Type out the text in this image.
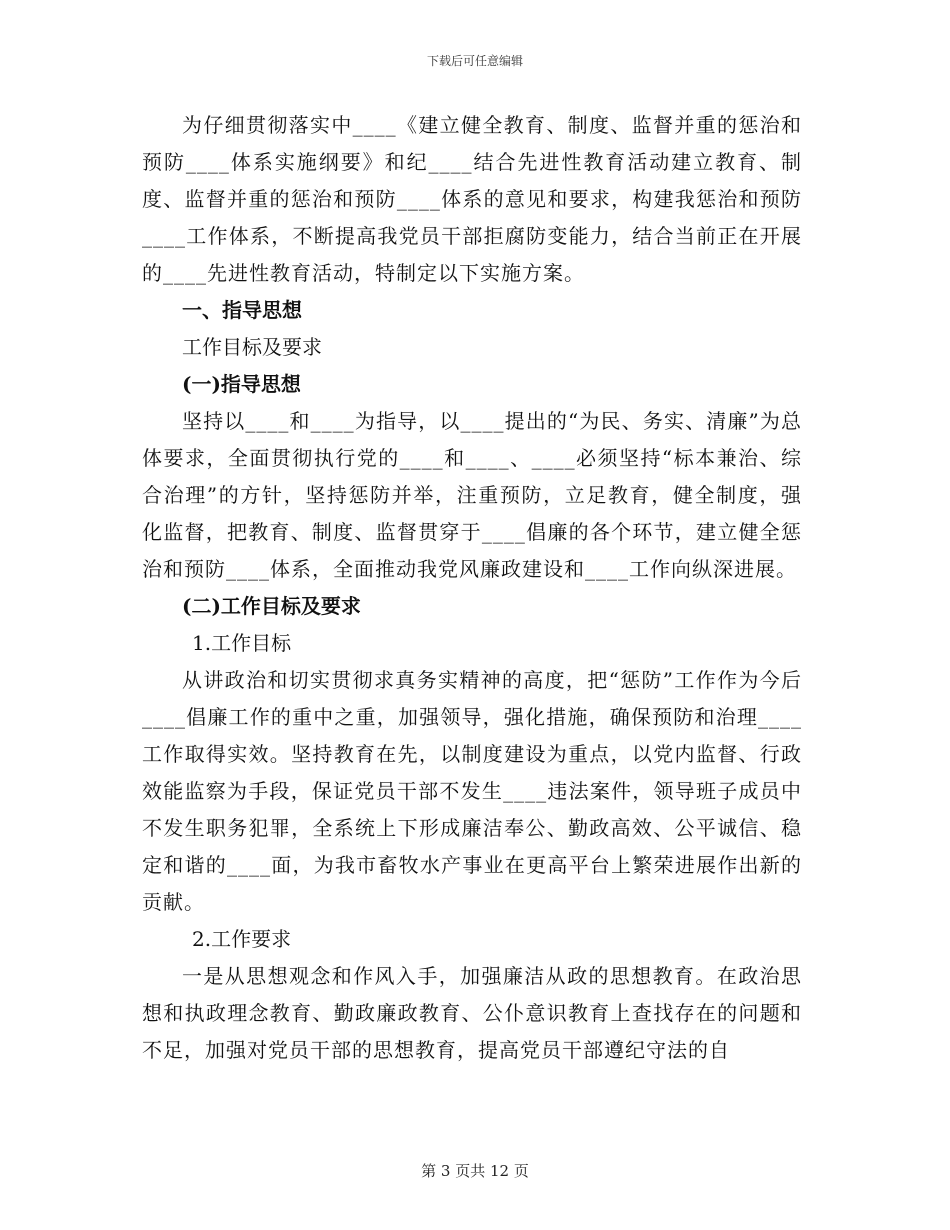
下载后可任意编辑

为仔细贯彻落实中____《建立健全教育、制度、监督并重的惩治和预防____体系实施纲要》和纪____结合先进性教育活动建立教育、制度、监督并重的惩治和预防____体系的意见和要求，构建我惩治和预防____工作体系，不断提高我党员干部拒腐防变能力，结合当前正在开展的____先进性教育活动，特制定以下实施方案。

一、指导思想

工作目标及要求

(一)指导思想

坚持以____和____为指导，以____提出的“为民、务实、清廉”为总体要求，全面贯彻执行党的____和____、____必须坚持“标本兼治、综合治理”的方针，坚持惩防并举，注重预防，立足教育，健全制度，强化监督，把教育、制度、监督贯穿于____倡廉的各个环节，建立健全惩治和预防____体系，全面推动我党风廉政建设和____工作向纵深进展。

(二)工作目标及要求

1.工作目标

从讲政治和切实贯彻求真务实精神的高度，把“惩防”工作作为今后____倡廉工作的重中之重，加强领导，强化措施，确保预防和治理____工作取得实效。坚持教育在先，以制度建设为重点，以党内监督、行政效能监察为手段，保证党员干部不发生____违法案件，领导班子成员中不发生职务犯罪，全系统上下形成廉洁奉公、勤政高效、公平诚信、稳定和谐的____面，为我市畜牧水产事业在更高平台上繁荣进展作出新的贡献。

2.工作要求

一是从思想观念和作风入手，加强廉洁从政的思想教育。在政治思想和执政理念教育、勤政廉政教育、公仆意识教育上查找存在的问题和不足，加强对党员干部的思想教育，提高党员干部遵纪守法的自

第 3 页共 12 页
